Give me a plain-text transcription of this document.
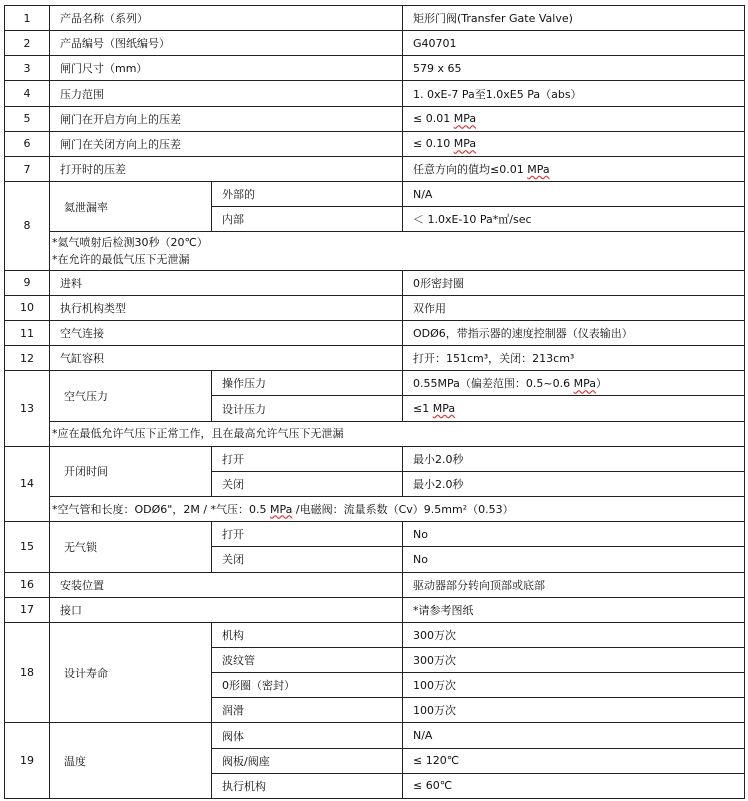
1	产品名称（系列）		矩形门阀(Transfer Gate Valve)
2	产品编号（图纸编号）		G40701
3	闸门尺寸（mm）		579 x 65
4	压力范围		1. 0xE-7 Pa至1.0xE5 Pa（abs）
5	闸门在开启方向上的压差		≤ 0.01 MPa
6	闸门在关闭方向上的压差		≤ 0.10 MPa
7	打开时的压差		任意方向的值均≤0.01 MPa
8	氦泄漏率	外部的	N/A
		内部	＜ 1.0xE-10 Pa*㎥/sec

	*氦气喷射后检测30秒（20℃）
*在允许的最低气压下无泄漏		

9	进料		0形密封圈
10	执行机构类型		双作用
11	空气连接		ODØ6，带指示器的速度控制器（仪表输出）
12	气缸容积		打开：151cm³，关闭：213cm³
13	空气压力	操作压力	0.55MPa（偏差范围：0.5~0.6 MPa）
		设计压力	≤1 MPa

	*应在最低允许气压下正常工作，且在最高允许气压下无泄漏		

14	开闭时间	打开	最小2.0秒
		关闭	最小2.0秒
	*空气管和长度：ODØ6"，2M / *气压：0.5 MPa /电磁阀：流量系数（Cv）9.5mm²（0.53）		
15	无气锁	打开	No
		关闭	No
16	安装位置		驱动器部分转向顶部或底部
17	接口		*请参考图纸
18	设计寿命	机构	300万次
		波纹管	300万次
		0形圈（密封）	100万次
		润滑	100万次
19	温度	阀体	N/A
		阀板/阀座	≤ 120℃
		执行机构	≤ 60℃
